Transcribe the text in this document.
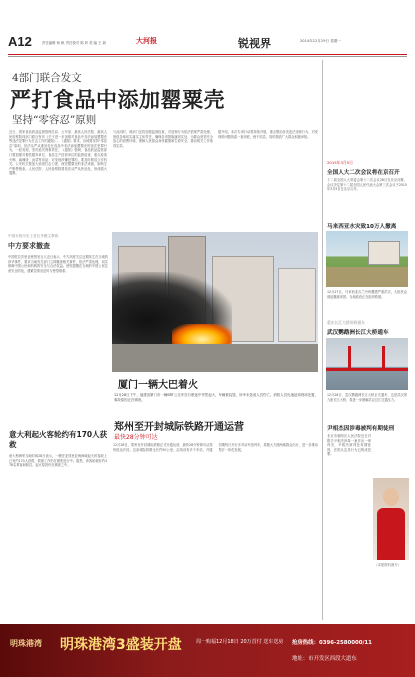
A12	责任编辑 杨 帆 责任校对 陈 妍 美 编 王 斌	大河报	锐视界	2014年12月29日 星期一
4部门联合发文
严打食品中添加罂粟壳
坚持“零容忍”原则
近日，国家食品药品监督管理总局、公安部、最高人民法院、最高人民检察院四部门联合发布《关于进一步加强对食品中非法添加罂粟壳等违法犯罪行为打击工作的通知》。《通知》要求，各地要坚持“零容忍”原则，依法从严从重惩处在食品中非法添加罂粟壳的违法犯罪行为，一经发现，坚决追究刑事责任。《通知》强调，食品药品监管部门要加强对餐饮服务单位、食品生产经营单位的监督检查，重点检查火锅、麻辣烫、卤菜等食品；对发现涉嫌犯罪的，要及时移送公安机关。公安机关要加大侦查打击力度，深挖罂粟壳的非法来源，斩断生产销售链条。人民法院、人民检察院要依法从严从快惩处，形成强大震慑。
与此同时，两部门还将加强监督检查，对违规行为依法依规严肃处理，督促各地切实落实主体责任，确保各项措施落到实处，为群众营造安全放心的消费环境，保障人民群众身体健康和生命安全，推动相关工作取得实效。
据介绍，本次专项行动将持续开展，重点整治各类违法违规行为，对发现的问题线索一查到底，绝不姑息，同时鼓励广大群众积极举报。
中国女排历史上首位外籍主教练
中方要求撤查
中国驻拉贝里亚使馆发言人近日表示，中方高度关注近期发生在当地的涉华事件，要求当地有关部门立即撤查相关事件，依法严肃处理，切实保障中国公民和机构的安全与合法权益。使馆提醒在当地的中国公民注意安全防范，遇紧急情况及时与使馆联系。
意大利起火客轮约有170人获救
意大利海军当地时间28日表示，一艘在亚得里亚海海域起火的客轮上已有约170人获救，救援工作仍在紧张进行中。据悉，该客轮载有约478名乘客和船员，起火原因仍在调查之中。
厦门一辆大巴着火
12月28日下午，福建省厦门市一辆BRT公交车在行驶途中突然起火，车辆被烧毁，所幸未造成人员伤亡。消防人员迅速赶到现场处置，事故原因正在调查。
郑州至开封城际铁路开通运营
最快28分钟可达
12月28日，郑州至开封城际铁路正式开通运营，最快28分钟即可从郑州抵达开封。这条城际铁路全长约50公里，沿线设有多个车站，开通初期每日开行多对动车组列车，将极大方便两地群众出行，进一步推动郑汴一体化发展。
2015年3月5日
全国人大二次会议将在京召开
十二届全国人大常委会第十二次会议28日在北京闭幕，会议决定第十二届全国人民代表大会第三次会议于2015年3月5日在北京召开。
马来西亚水灾致10万人撤离
12月27日，马来西亚吉兰丹州遭遇严重洪灾，大批民众被迫撤离家园，当地政府正在组织救援。
重庆长江大桥即将通车
武汉鹦鹉洲长江大桥通车
12月28日，武汉鹦鹉洲长江大桥正式通车，这是武汉第九座长江大桥，将进一步缓解武汉过江交通压力。
尹相杰因涉毒被判有期徒刑
北京市朝阳区人民法院近日对歌手尹相杰涉毒一案作出一审判决，尹相杰被判处有期徒刑，法院认定其行为已构成犯罪。
（本报资料照片）
明珠港湾 明珠港湾3盛装开盘	周一购福12月18日 20万首付 送车送房 抢房热线：0396-2580000/11
地址：市开发区西段大道东
